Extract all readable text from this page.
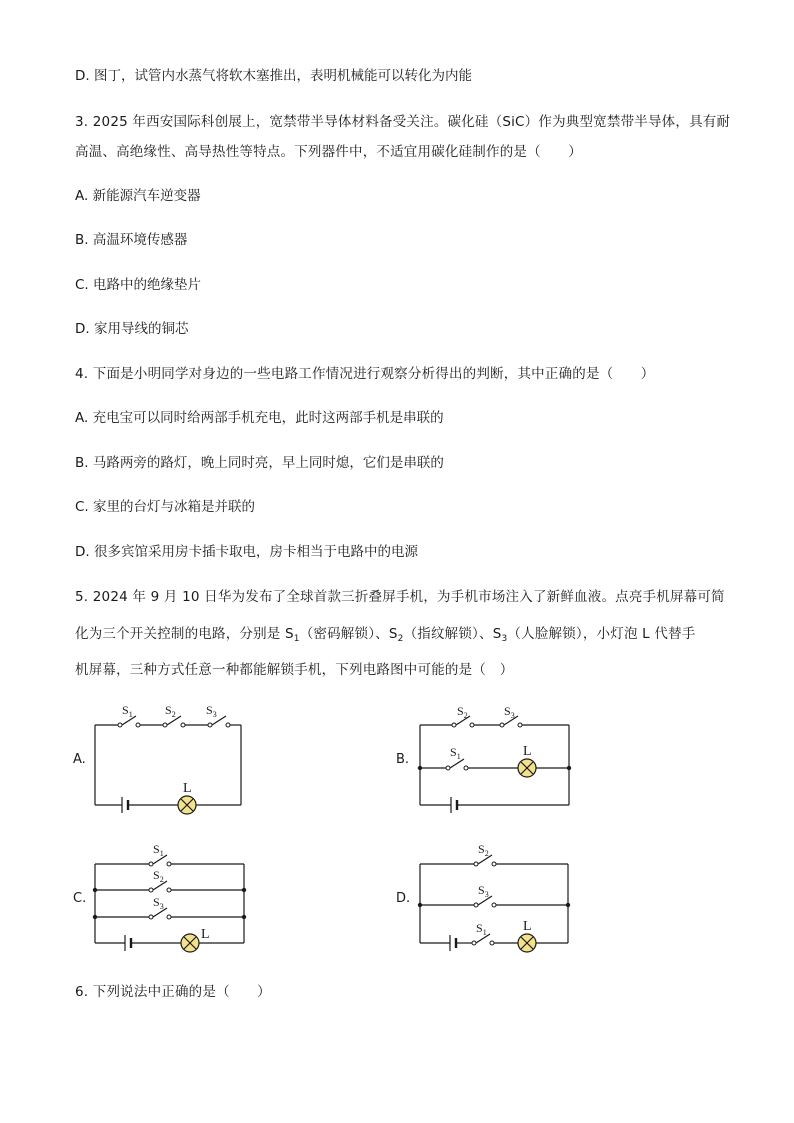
D. 图丁，试管内水蒸气将软木塞推出，表明机械能可以转化为内能
3. 2025 年西安国际科创展上，宽禁带半导体材料备受关注。碳化硅（SiC）作为典型宽禁带半导体，具有耐
高温、高绝缘性、高导热性等特点。下列器件中，不适宜用碳化硅制作的是（　　）
A. 新能源汽车逆变器
B. 高温环境传感器
C. 电路中的绝缘垫片
D. 家用导线的铜芯
4. 下面是小明同学对身边的一些电路工作情况进行观察分析得出的判断，其中正确的是（　　）
A. 充电宝可以同时给两部手机充电，此时这两部手机是串联的
B. 马路两旁的路灯，晚上同时亮，早上同时熄，它们是串联的
C. 家里的台灯与冰箱是并联的
D. 很多宾馆采用房卡插卡取电，房卡相当于电路中的电源
5. 2024 年 9 月 10 日华为发布了全球首款三折叠屏手机，为手机市场注入了新鲜血液。点亮手机屏幕可简
化为三个开关控制的电路，分别是 $S_1$（密码解锁）、$S_2$（指纹解锁）、$S_3$（人脸解锁），小灯泡 L 代替手
机屏幕，三种方式任意一种都能解锁手机，下列电路图中可能的是（　）
A.	B.
C.	D.
$S_1$	$S_2$	$S_3$
L
$S_2$	$S_3$
$S_1$	L
$S_1$
$S_2$
$S_3$
L
$S_2$
$S_3$
$S_1$	L
6. 下列说法中正确的是（　　）
